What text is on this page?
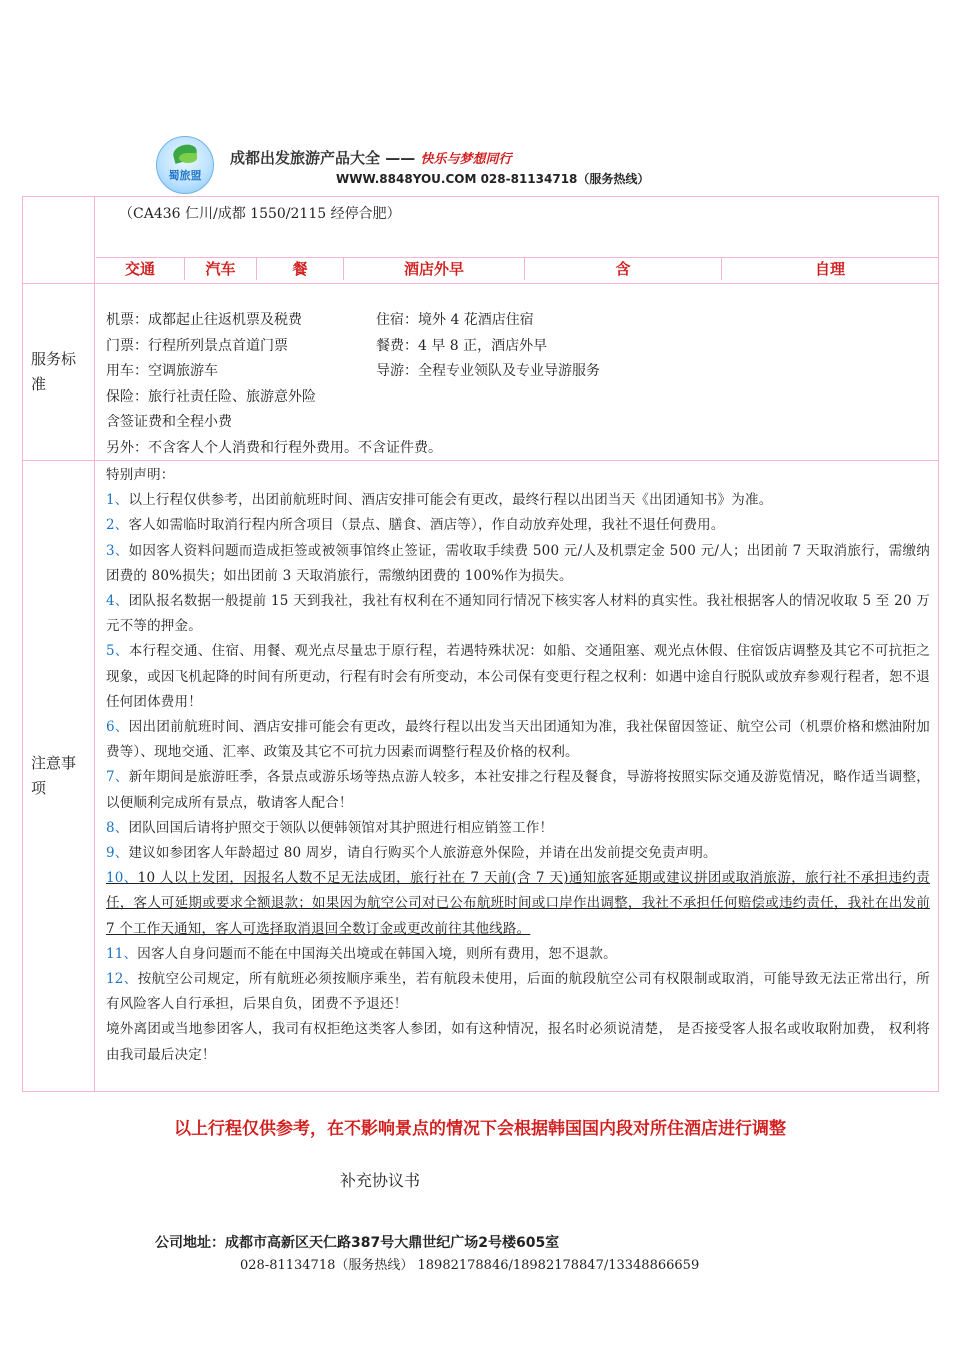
蜀旅盟
成都出发旅游产品大全 —— 快乐与梦想同行
WWW.8848YOU.COM 028-81134718（服务热线）
（CA436 仁川/成都 1550/2115 经停合肥）
交通	汽车	餐	酒店外早	含	自理
服务标准
机票：成都起止往返机票及税费	住宿：境外 4 花酒店住宿
门票：行程所列景点首道门票	餐费：4 早 8 正，酒店外早
用车：空调旅游车	导游：全程专业领队及专业导游服务
保险：旅行社责任险、旅游意外险
含签证费和全程小费
另外：不含客人个人消费和行程外费用。不含证件费。
注意事项

特别声明：

1、以上行程仅供参考，出团前航班时间、酒店安排可能会有更改，最终行程以出团当天《出团通知书》为准。

2、客人如需临时取消行程内所含项目（景点、膳食、酒店等），作自动放弃处理，我社不退任何费用。

3、如因客人资料问题而造成拒签或被领事馆终止签证，需收取手续费 500 元/人及机票定金 500 元/人；出团前 7 天取消旅行，需缴纳团费的 80%损失；如出团前 3 天取消旅行，需缴纳团费的 100%作为损失。

4、团队报名数据一般提前 15 天到我社，我社有权利在不通知同行情况下核实客人材料的真实性。我社根据客人的情况收取 5 至 20 万元不等的押金。

5、本行程交通、住宿、用餐、观光点尽量忠于原行程，若遇特殊状况：如船、交通阻塞、观光点休假、住宿饭店调整及其它不可抗拒之现象，或因飞机起降的时间有所更动，行程有时会有所变动，本公司保有变更行程之权利：如遇中途自行脱队或放弃参观行程者，恕不退任何团体费用！

6、因出团前航班时间、酒店安排可能会有更改，最终行程以出发当天出团通知为准，我社保留因签证、航空公司（机票价格和燃油附加费等）、现地交通、汇率、政策及其它不可抗力因素而调整行程及价格的权利。

7、新年期间是旅游旺季，各景点或游乐场等热点游人较多，本社安排之行程及餐食，导游将按照实际交通及游览情况，略作适当调整，以便顺利完成所有景点，敬请客人配合！

8、团队回国后请将护照交于领队以便韩领馆对其护照进行相应销签工作！

9、建议如参团客人年龄超过 80 周岁，请自行购买个人旅游意外保险，并请在出发前提交免责声明。

10、10 人以上发团，因报名人数不足无法成团，旅行社在 7 天前(含 7 天)通知旅客延期或建议拼团或取消旅游，旅行社不承担违约责任，客人可延期或要求全额退款；如果因为航空公司对已公布航班时间或口岸作出调整，我社不承担任何赔偿或违约责任，我社在出发前 7 个工作天通知，客人可选择取消退回全数订金或更改前往其他线路。

11、因客人自身问题而不能在中国海关出境或在韩国入境，则所有费用，恕不退款。

12、按航空公司规定，所有航班必须按顺序乘坐，若有航段未使用，后面的航段航空公司有权限制或取消，可能导致无法正常出行，所有风险客人自行承担，后果自负，团费不予退还！

境外离团或当地参团客人，我司有权拒绝这类客人参团，如有这种情况，报名时必须说清楚， 是否接受客人报名或收取附加费， 权利将由我司最后决定！

以上行程仅供参考，在不影响景点的情况下会根据韩国国内段对所住酒店进行调整
补充协议书
公司地址：成都市高新区天仁路387号大鼎世纪广场2号楼605室
028-81134718（服务热线） 18982178846/18982178847/13348866659
